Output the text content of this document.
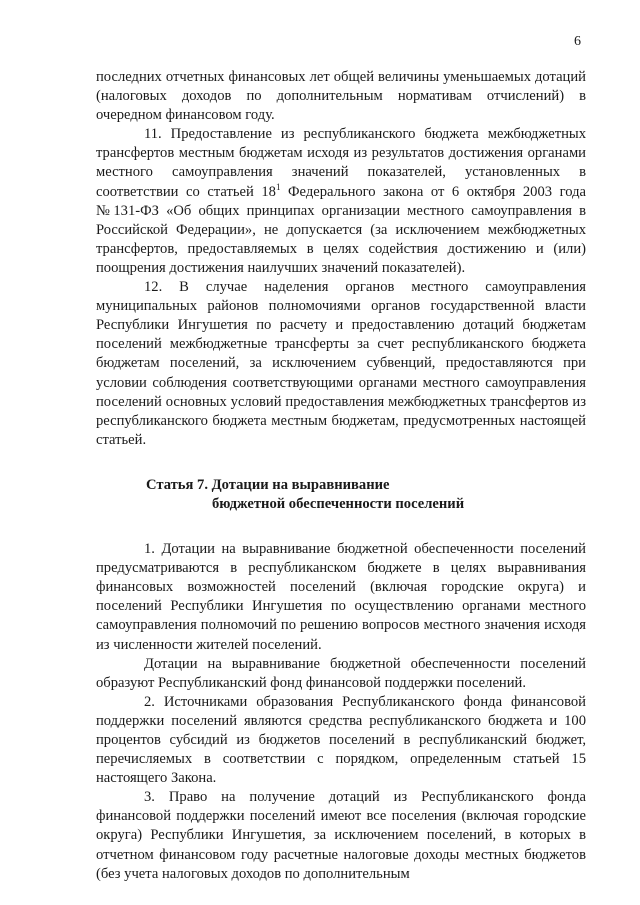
6

последних отчетных финансовых лет общей величины уменьшаемых дотаций (налоговых доходов по дополнительным нормативам отчислений) в очередном финансовом году.

11. Предоставление из республиканского бюджета межбюджетных трансфертов местным бюджетам исходя из результатов достижения органами местного самоуправления значений показателей, установленных в соответствии со статьей $18^1$ Федерального закона от 6 октября 2003 года №131-ФЗ «Об общих принципах организации местного самоуправления в Российской Федерации», не допускается (за исключением межбюджетных трансфертов, предоставляемых в целях содействия достижению и (или) поощрения достижения наилучших значений показателей).

12. В случае наделения органов местного самоуправления муниципальных районов полномочиями органов государственной власти Республики Ингушетия по расчету и предоставлению дотаций бюджетам поселений межбюджетные трансферты за счет республиканского бюджета бюджетам поселений, за исключением субвенций, предоставляются при условии соблюдения соответствующими органами местного самоуправления поселений основных условий предоставления межбюджетных трансфертов из республиканского бюджета местным бюджетам, предусмотренных настоящей статьей.

Статья 7. Дотации на выравнивание

бюджетной обеспеченности поселений

1. Дотации на выравнивание бюджетной обеспеченности поселений предусматриваются в республиканском бюджете в целях выравнивания финансовых возможностей поселений (включая городские округа) и поселений Республики Ингушетия по осуществлению органами местного самоуправления полномочий по решению вопросов местного значения исходя из численности жителей поселений.

Дотации на выравнивание бюджетной обеспеченности поселений образуют Республиканский фонд финансовой поддержки поселений.

2. Источниками образования Республиканского фонда финансовой поддержки поселений являются средства республиканского бюджета и 100 процентов субсидий из бюджетов поселений в республиканский бюджет, перечисляемых в соответствии с порядком, определенным статьей 15 настоящего Закона.

3. Право на получение дотаций из Республиканского фонда финансовой поддержки поселений имеют все поселения (включая городские округа) Республики Ингушетия, за исключением поселений, в которых в отчетном финансовом году расчетные налоговые доходы местных бюджетов (без учета налоговых доходов по дополнительным
